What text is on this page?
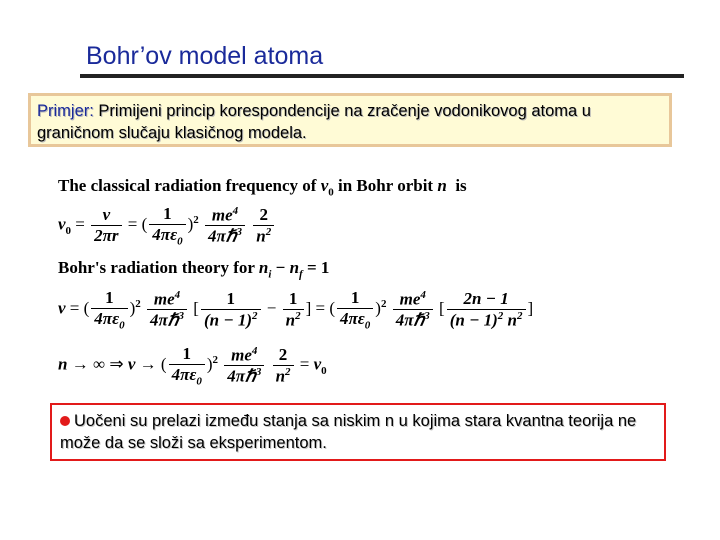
Bohr’ov model atoma
Primjer: Primijeni princip korespondencije na zračenje vodonikovog atoma u graničnom slučaju klasičnog modela.
The classical radiation frequency of $\nu_0$ in Bohr orbit n  is
$\nu_0 = \frac{v}{2\pi r}$ = ( $\frac{1}{4\pi\varepsilon_0} )^2 \frac{me^4}{4\pi\hbar^3}$
$\frac{2}{n^2}$
Bohr's radiation theory for $n_i - n_f = 1$
ν = ( $\frac{1}{4\pi\varepsilon_0} )^2 \frac{me^4}{4\pi\hbar^3}$ [ $\frac{1}{(n - 1)^2} - \frac{1}{n^2}$ ] = ( $\frac{1}{4\pi\varepsilon_0} )^2 \frac{me^4}{4\pi\hbar^3}$ [ $\frac{2n - 1}{(n - 1)^2 n^2}$ ]
n → ∞ ⇒ ν → ( $\frac{1}{4\pi\varepsilon_0} )^2 \frac{me^4}{4\pi\hbar^3}$
$\frac{2}{n^2} = \nu_0$
Uočeni su prelazi između stanja sa niskim n u kojima stara kvantna teorija ne može da se složi sa eksperimentom.
